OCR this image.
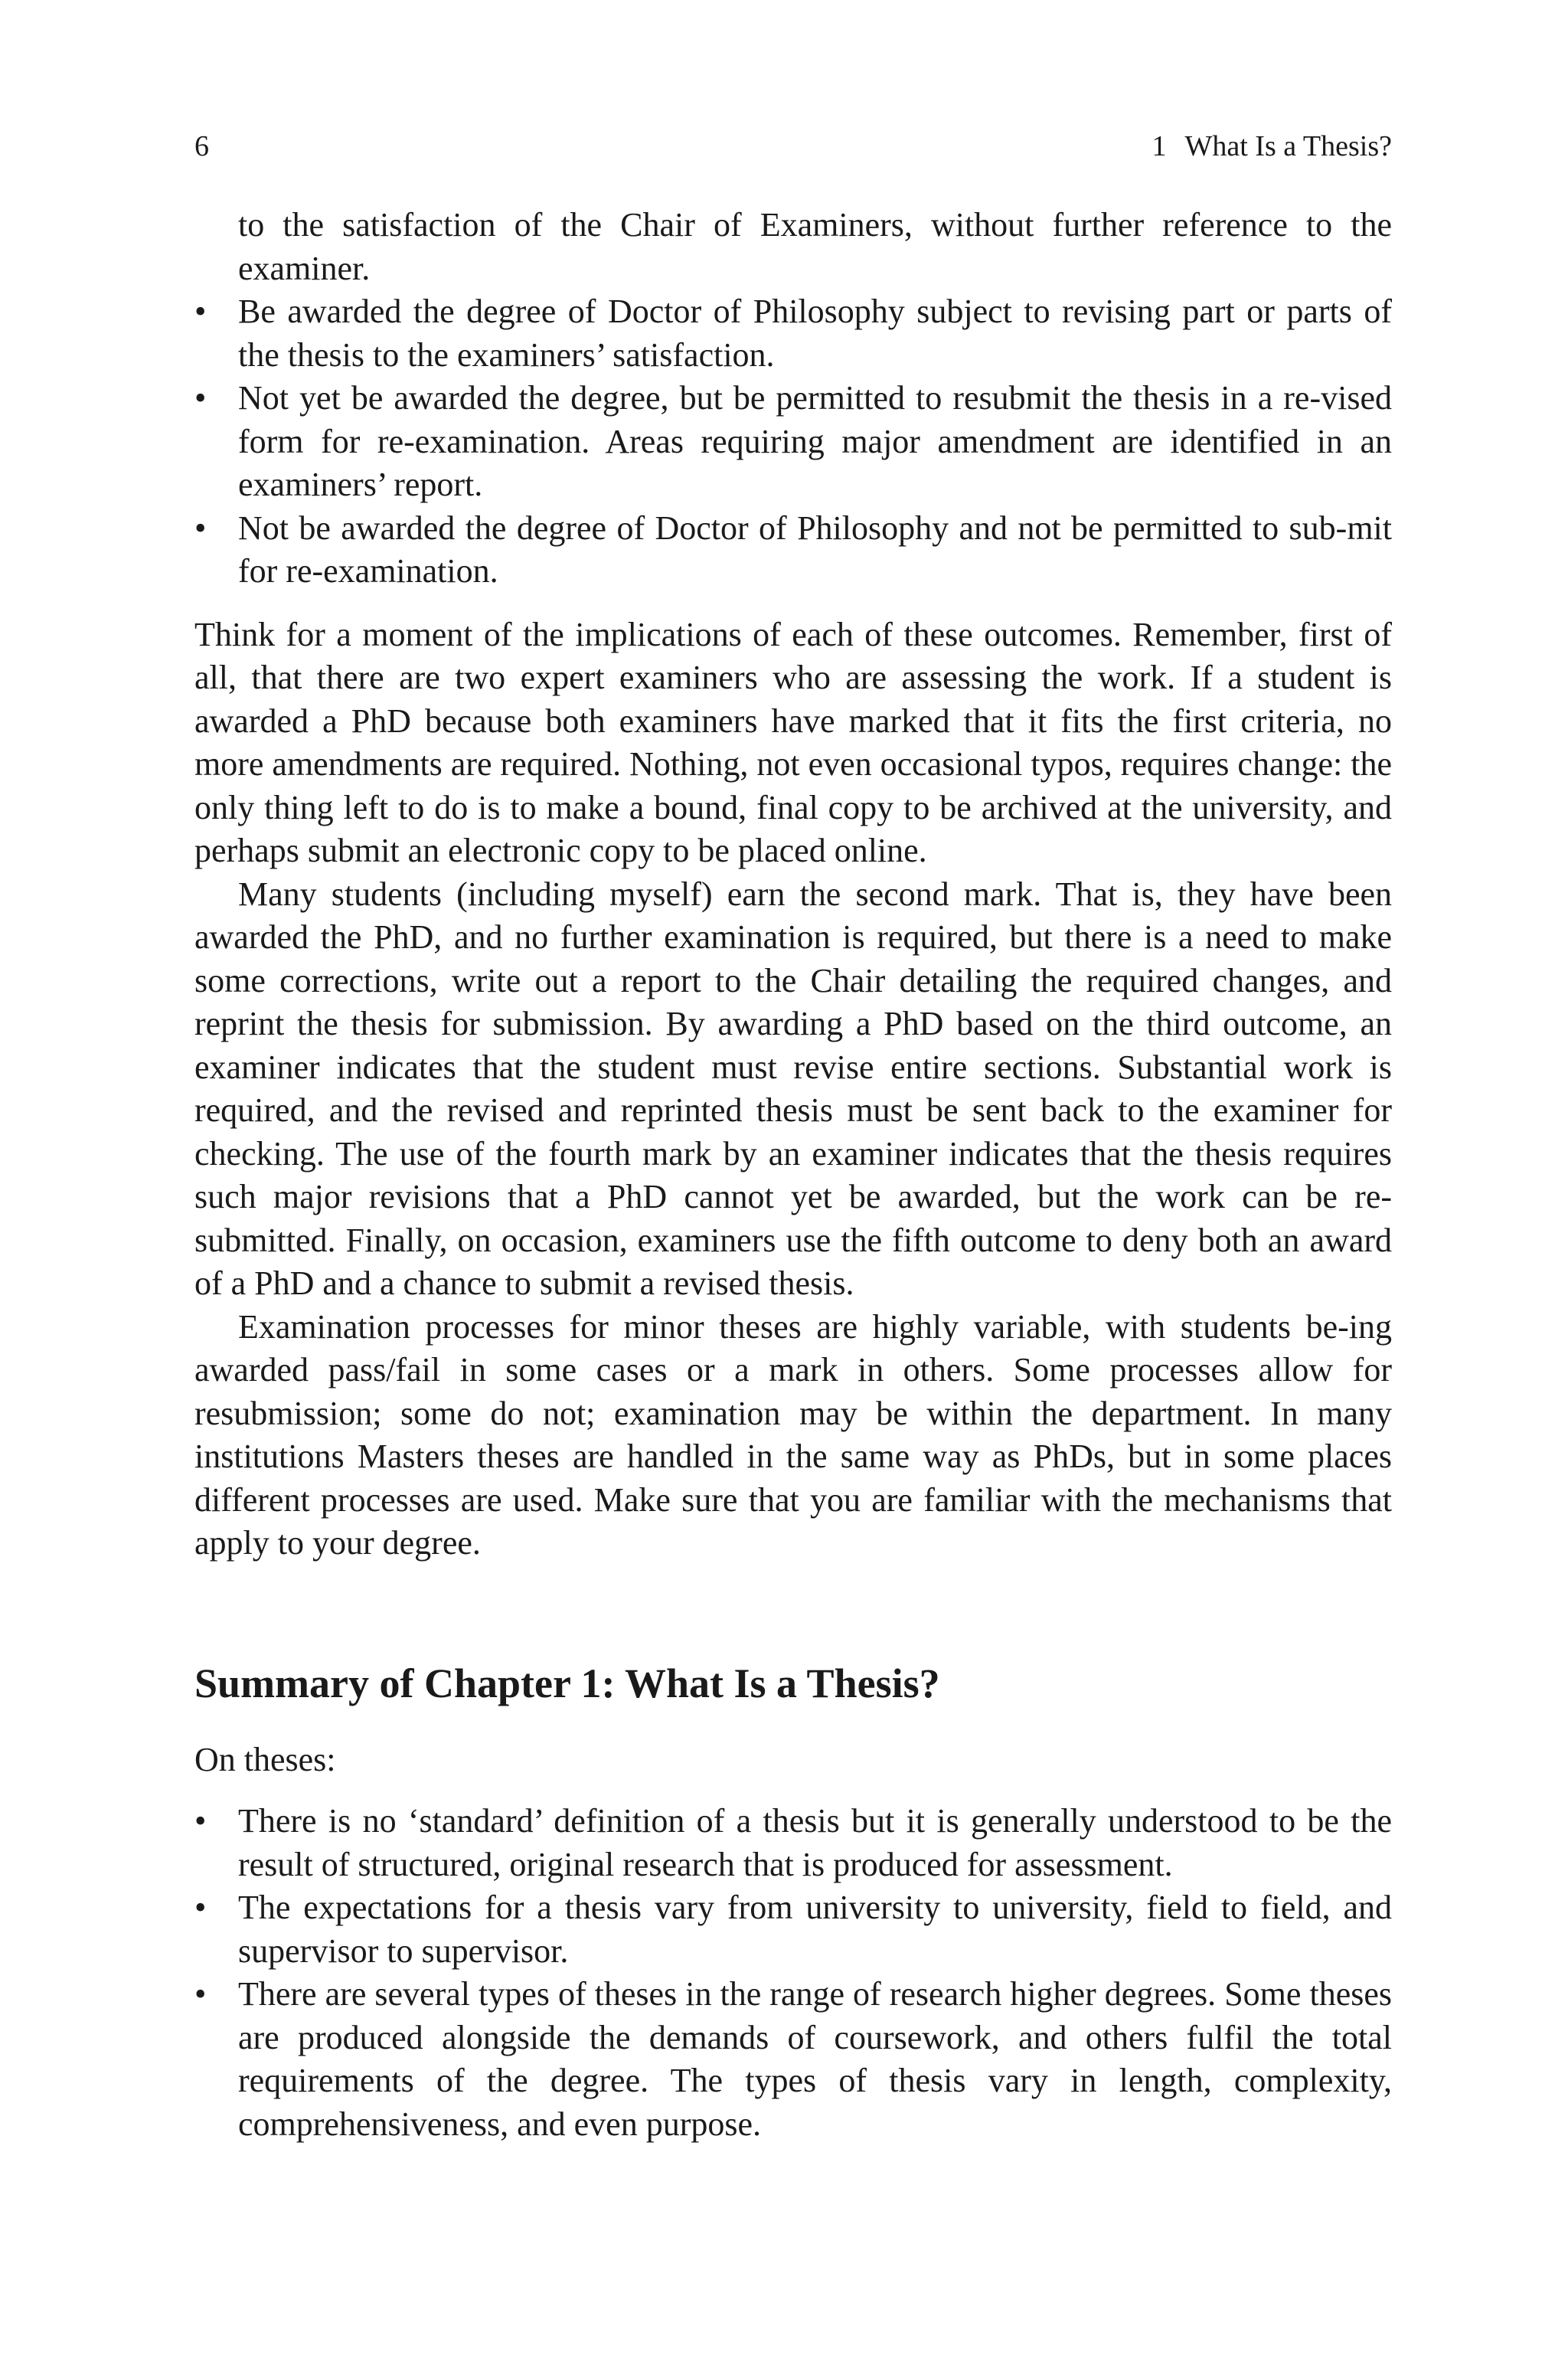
6	1 What Is a Thesis?

to the satisfaction of the Chair of Examiners, without further reference to the examiner.

• Be awarded the degree of Doctor of Philosophy subject to revising part or parts of the thesis to the examiners’ satisfaction.
• Not yet be awarded the degree, but be permitted to resubmit the thesis in a re-vised form for re-examination. Areas requiring major amendment are identified in an examiners’ report.
• Not be awarded the degree of Doctor of Philosophy and not be permitted to sub-mit for re-examination.

Think for a moment of the implications of each of these outcomes. Remember, first of all, that there are two expert examiners who are assessing the work. If a student is awarded a PhD because both examiners have marked that it fits the first criteria, no more amendments are required. Nothing, not even occasional typos, requires change: the only thing left to do is to make a bound, final copy to be archived at the university, and perhaps submit an electronic copy to be placed online.

Many students (including myself) earn the second mark. That is, they have been awarded the PhD, and no further examination is required, but there is a need to make some corrections, write out a report to the Chair detailing the required changes, and reprint the thesis for submission. By awarding a PhD based on the third outcome, an examiner indicates that the student must revise entire sections. Substantial work is required, and the revised and reprinted thesis must be sent back to the examiner for checking. The use of the fourth mark by an examiner indicates that the thesis requires such major revisions that a PhD cannot yet be awarded, but the work can be re-submitted. Finally, on occasion, examiners use the fifth outcome to deny both an award of a PhD and a chance to submit a revised thesis.

Examination processes for minor theses are highly variable, with students be-ing awarded pass/fail in some cases or a mark in others. Some processes allow for resubmission; some do not; examination may be within the department. In many institutions Masters theses are handled in the same way as PhDs, but in some places different processes are used. Make sure that you are familiar with the mechanisms that apply to your degree.

Summary of Chapter 1: What Is a Thesis?

On theses:

• There is no ‘standard’ definition of a thesis but it is generally understood to be the result of structured, original research that is produced for assessment.
• The expectations for a thesis vary from university to university, field to field, and supervisor to supervisor.
• There are several types of theses in the range of research higher degrees. Some theses are produced alongside the demands of coursework, and others fulfil the total requirements of the degree. The types of thesis vary in length, complexity, comprehensiveness, and even purpose.
